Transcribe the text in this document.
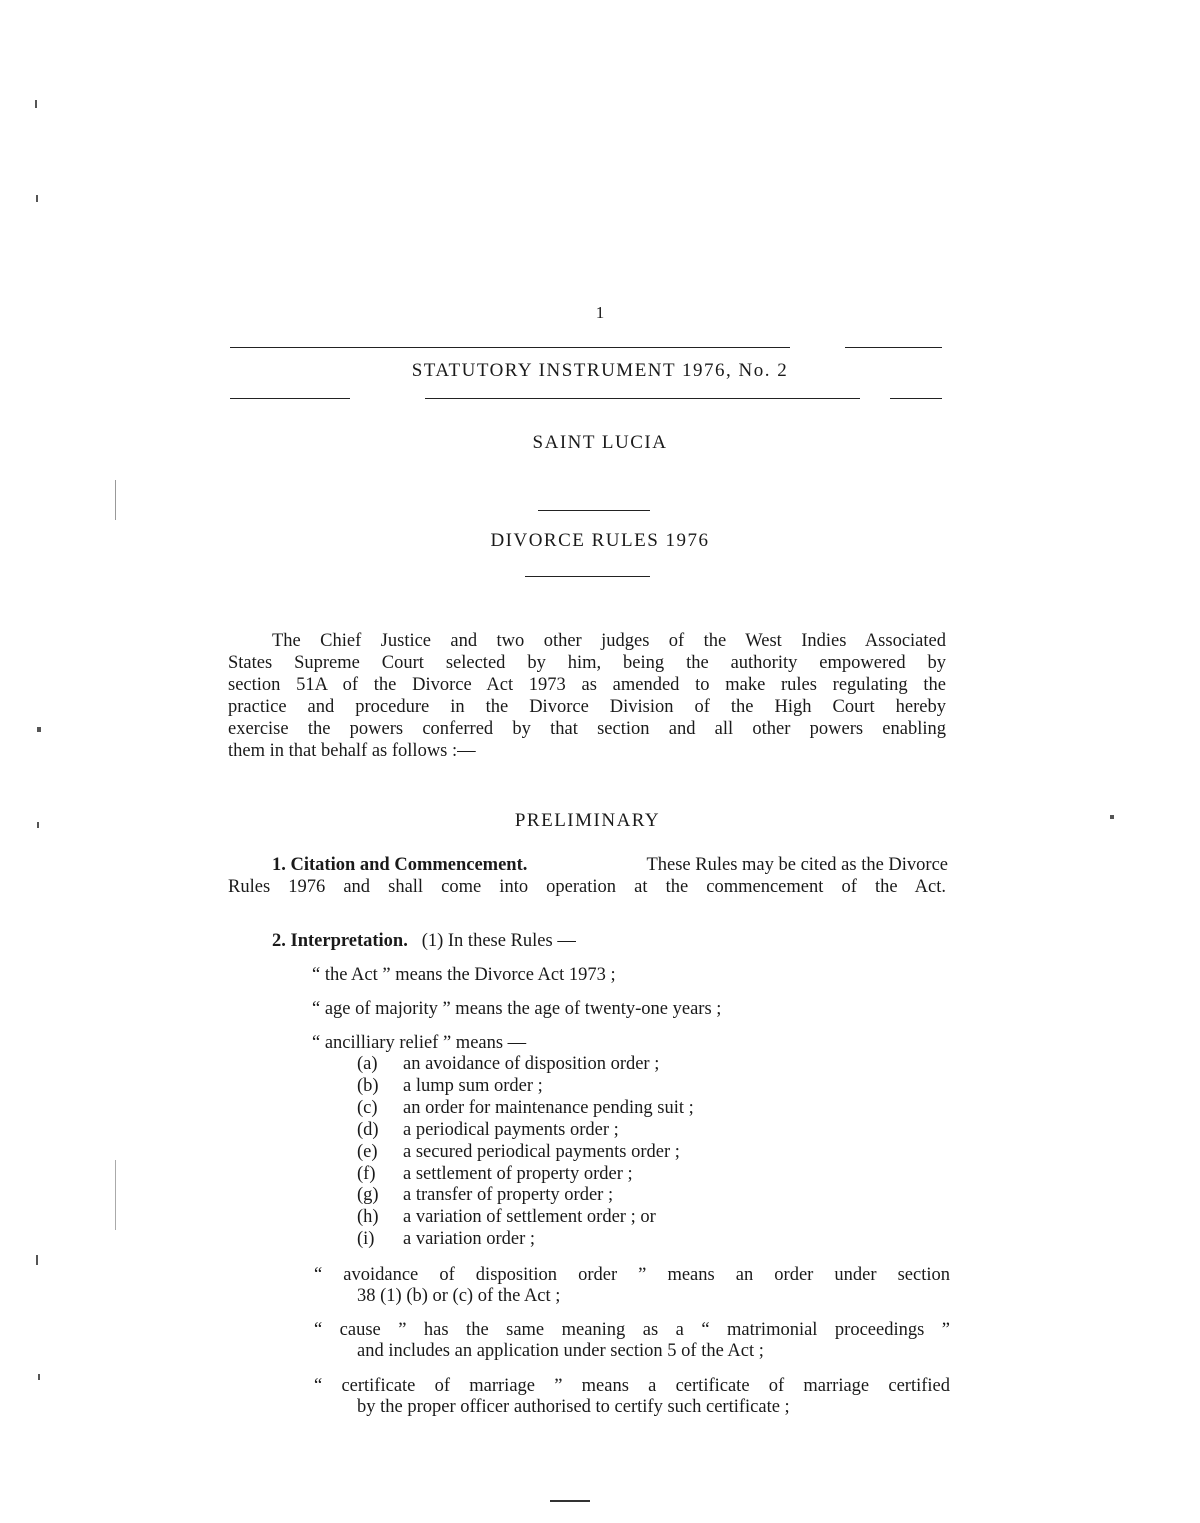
1
STATUTORY INSTRUMENT 1976, No. 2
SAINT LUCIA
DIVORCE RULES 1976
The Chief Justice and two other judges of the West Indies Associated
States Supreme Court selected by him, being the authority empowered by
section 51A of the Divorce Act 1973 as amended to make rules regulating the
practice and procedure in the Divorce Division of the High Court hereby
exercise the powers conferred by that section and all other powers enabling
them in that behalf as follows :—
PRELIMINARY
1. Citation and Commencement.	These Rules may be cited as the Divorce
Rules 1976 and shall come into operation at the commencement of the Act.
2. Interpretation. (1) In these Rules —
“ the Act ” means the Divorce Act 1973 ;
“ age of majority ” means the age of twenty-one years ;
“ ancilliary relief ” means —
(a) an avoidance of disposition order ;
(b) a lump sum order ;
(c) an order for maintenance pending suit ;
(d) a periodical payments order ;
(e) a secured periodical payments order ;
(f) a settlement of property order ;
(g) a transfer of property order ;
(h) a variation of settlement order ; or
(i) a variation order ;
“ avoidance of disposition order ” means an order under section
38 (1) (b) or (c) of the Act ;
“ cause ” has the same meaning as a “ matrimonial proceedings ”
and includes an application under section 5 of the Act ;
“ certificate of marriage ” means a certificate of marriage certified
by the proper officer authorised to certify such certificate ;
